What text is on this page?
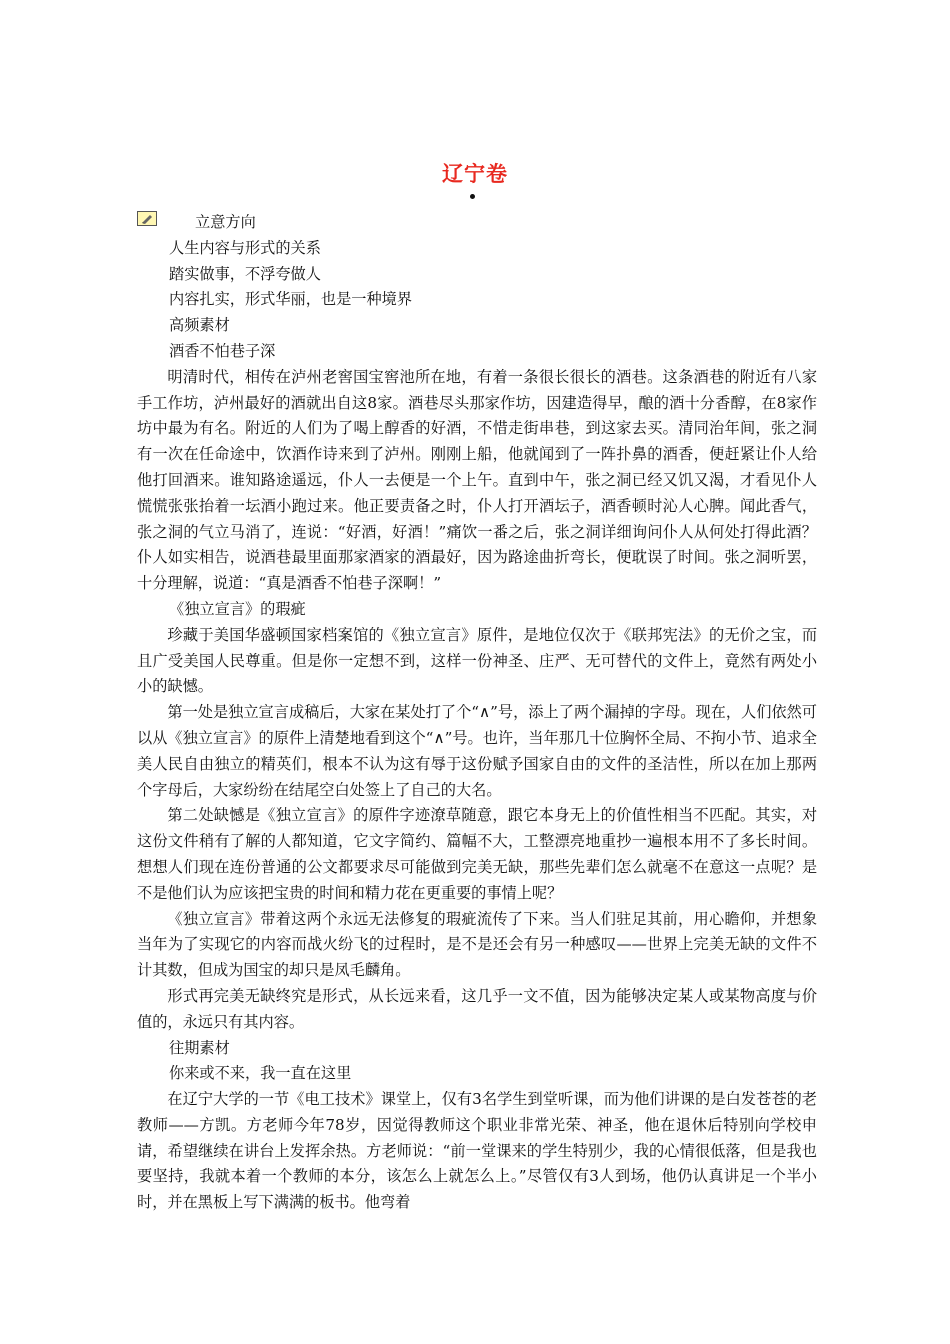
辽宁卷

立意方向

人生内容与形式的关系

踏实做事，不浮夸做人

内容扎实，形式华丽，也是一种境界

高频素材

酒香不怕巷子深

明清时代，相传在泸州老窖国宝窖池所在地，有着一条很长很长的酒巷。这条酒巷的附近有八家手工作坊，泸州最好的酒就出自这8家。酒巷尽头那家作坊，因建造得早，酿的酒十分香醇，在8家作坊中最为有名。附近的人们为了喝上醇香的好酒，不惜走街串巷，到这家去买。清同治年间，张之洞有一次在任命途中，饮酒作诗来到了泸州。刚刚上船，他就闻到了一阵扑鼻的酒香，便赶紧让仆人给他打回酒来。谁知路途遥远，仆人一去便是一个上午。直到中午，张之洞已经又饥又渴，才看见仆人慌慌张张抬着一坛酒小跑过来。他正要责备之时，仆人打开酒坛子，酒香顿时沁人心脾。闻此香气，张之洞的气立马消了，连说：“好酒，好酒！”痛饮一番之后，张之洞详细询问仆人从何处打得此酒？仆人如实相告，说酒巷最里面那家酒家的酒最好，因为路途曲折弯长，便耽误了时间。张之洞听罢，十分理解，说道：“真是酒香不怕巷子深啊！”

《独立宣言》的瑕疵

珍藏于美国华盛顿国家档案馆的《独立宣言》原件，是地位仅次于《联邦宪法》的无价之宝，而且广受美国人民尊重。但是你一定想不到，这样一份神圣、庄严、无可替代的文件上，竟然有两处小小的缺憾。

第一处是独立宣言成稿后，大家在某处打了个“∧”号，添上了两个漏掉的字母。现在，人们依然可以从《独立宣言》的原件上清楚地看到这个“∧”号。也许，当年那几十位胸怀全局、不拘小节、追求全美人民自由独立的精英们，根本不认为这有辱于这份赋予国家自由的文件的圣洁性，所以在加上那两个字母后，大家纷纷在结尾空白处签上了自己的大名。

第二处缺憾是《独立宣言》的原件字迹潦草随意，跟它本身无上的价值性相当不匹配。其实，对这份文件稍有了解的人都知道，它文字简约、篇幅不大，工整漂亮地重抄一遍根本用不了多长时间。想想人们现在连份普通的公文都要求尽可能做到完美无缺，那些先辈们怎么就毫不在意这一点呢？是不是他们认为应该把宝贵的时间和精力花在更重要的事情上呢？

《独立宣言》带着这两个永远无法修复的瑕疵流传了下来。当人们驻足其前，用心瞻仰，并想象当年为了实现它的内容而战火纷飞的过程时，是不是还会有另一种感叹——世界上完美无缺的文件不计其数，但成为国宝的却只是凤毛麟角。

形式再完美无缺终究是形式，从长远来看，这几乎一文不值，因为能够决定某人或某物高度与价值的，永远只有其内容。

往期素材

你来或不来，我一直在这里

在辽宁大学的一节《电工技术》课堂上，仅有3名学生到堂听课，而为他们讲课的是白发苍苍的老教师——方凯。方老师今年78岁，因觉得教师这个职业非常光荣、神圣，他在退休后特别向学校申请，希望继续在讲台上发挥余热。方老师说：“前一堂课来的学生特别少，我的心情很低落，但是我也要坚持，我就本着一个教师的本分，该怎么上就怎么上。”尽管仅有3人到场，他仍认真讲足一个半小时，并在黑板上写下满满的板书。他弯着
